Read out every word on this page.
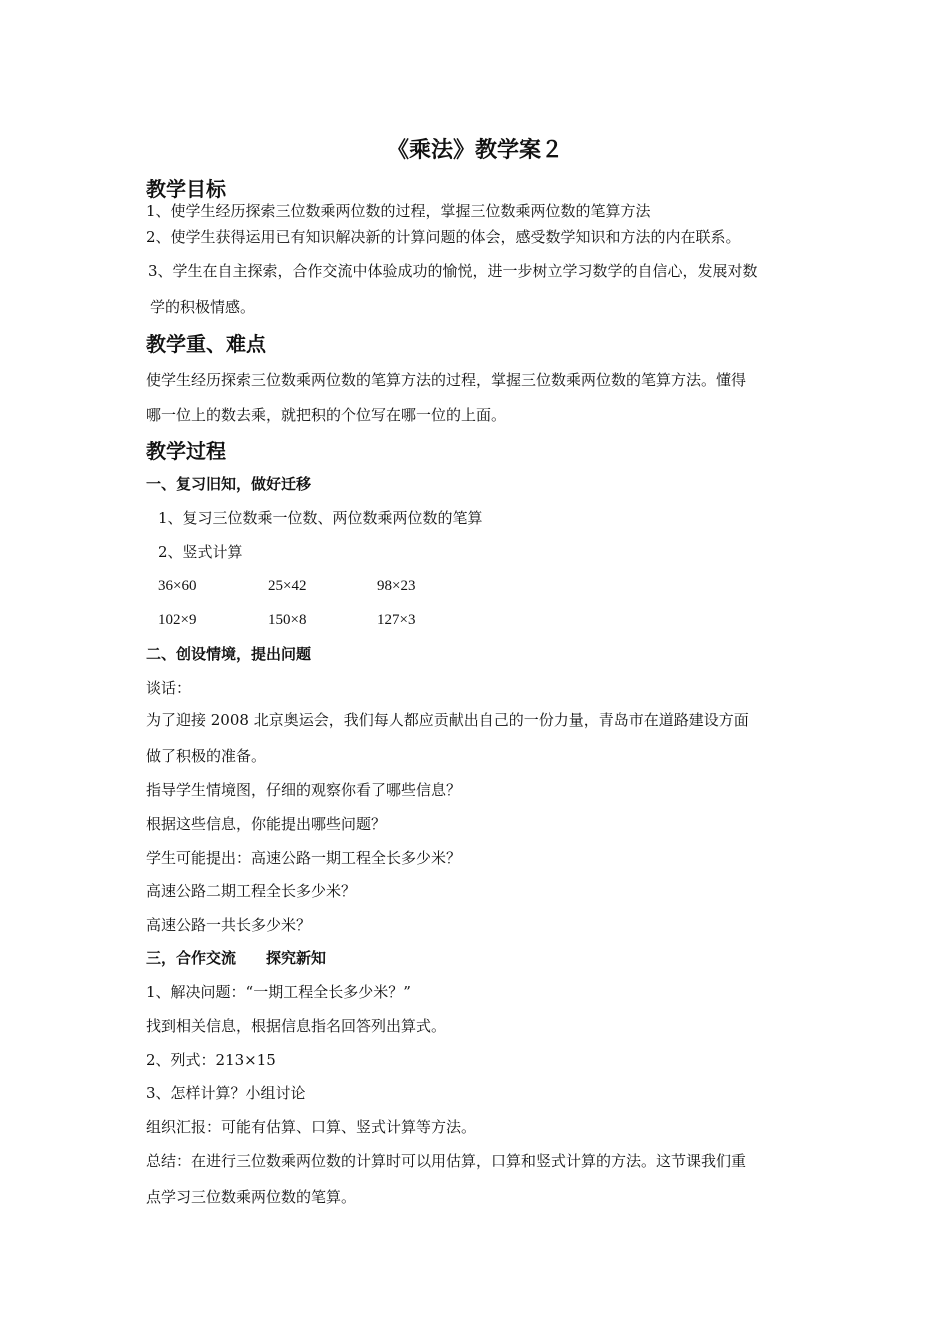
《乘法》教学案２
教学目标
1、使学生经历探索三位数乘两位数的过程，掌握三位数乘两位数的笔算方法
2、使学生获得运用已有知识解决新的计算问题的体会，感受数学知识和方法的内在联系。
3、学生在自主探索，合作交流中体验成功的愉悦，进一步树立学习数学的自信心，发展对数
学的积极情感。
教学重、难点
使学生经历探索三位数乘两位数的笔算方法的过程，掌握三位数乘两位数的笔算方法。懂得
哪一位上的数去乘，就把积的个位写在哪一位的上面。
教学过程
一、复习旧知，做好迁移
1、复习三位数乘一位数、两位数乘两位数的笔算
2、竖式计算
36×60	25×42	98×23
102×9	150×8	127×3
二、创设情境，提出问题
谈话：
为了迎接 2008 北京奥运会，我们每人都应贡献出自己的一份力量，青岛市在道路建设方面
做了积极的准备。
指导学生情境图，仔细的观察你看了哪些信息？
根据这些信息，你能提出哪些问题？
学生可能提出：高速公路一期工程全长多少米？
高速公路二期工程全长多少米？
高速公路一共长多少米？
三，合作交流　　探究新知
1、解决问题：“一期工程全长多少米？”
找到相关信息，根据信息指名回答列出算式。
2、列式：213×15
3、怎样计算？小组讨论
组织汇报：可能有估算、口算、竖式计算等方法。
总结：在进行三位数乘两位数的计算时可以用估算，口算和竖式计算的方法。这节课我们重
点学习三位数乘两位数的笔算。
